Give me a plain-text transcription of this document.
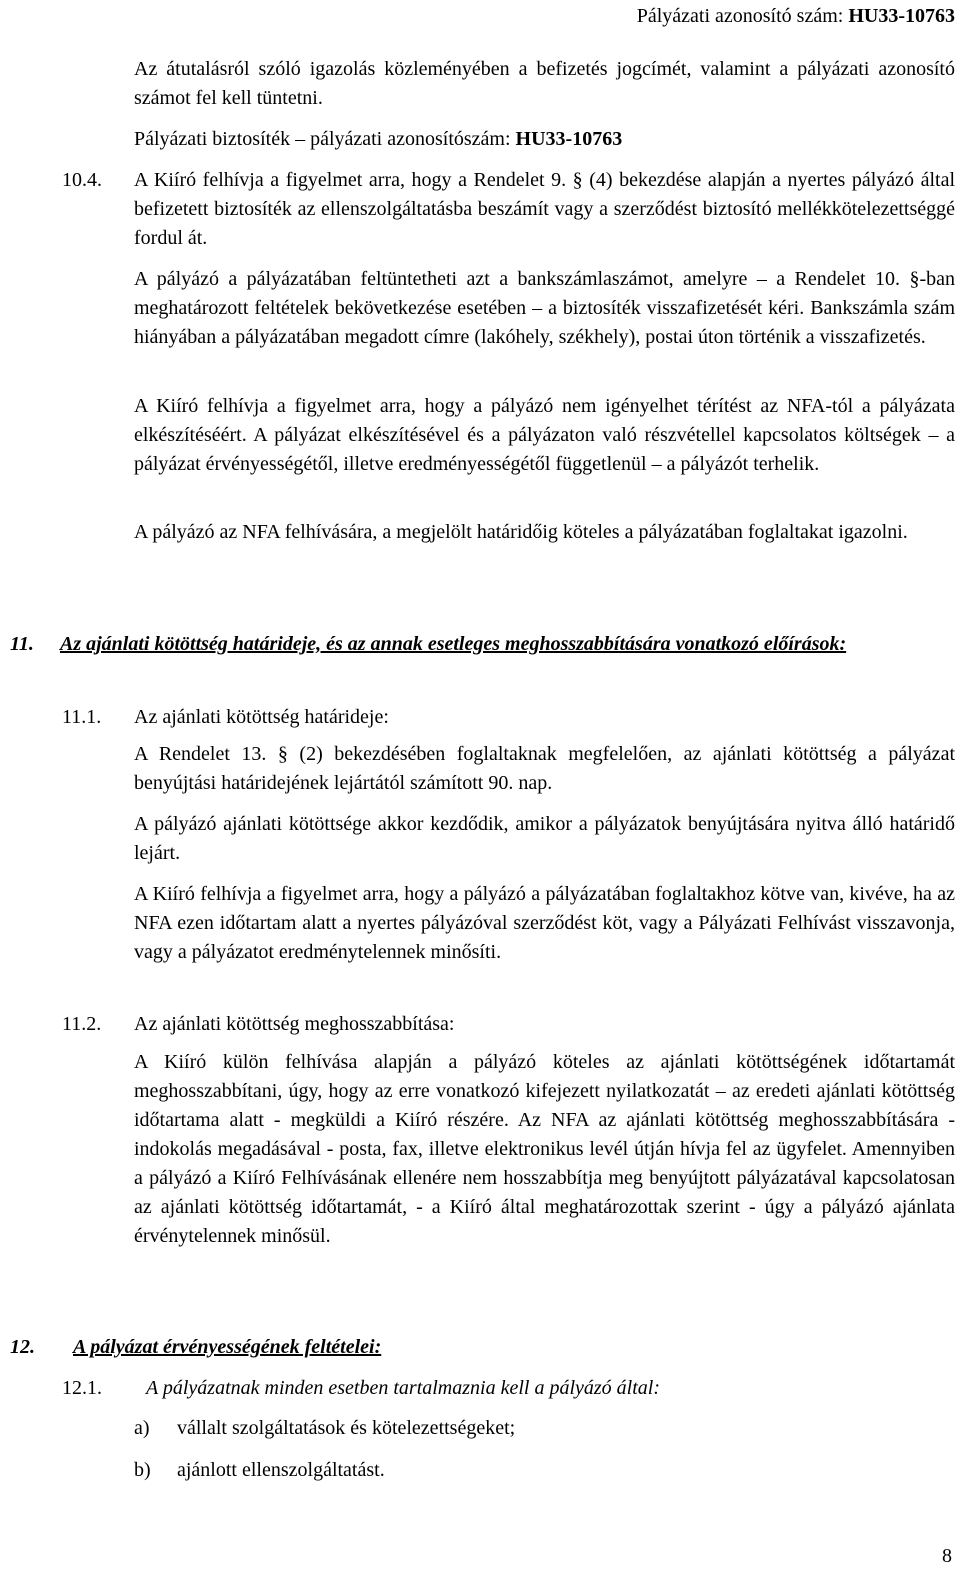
Pályázati azonosító szám: HU33-10763

Az átutalásról szóló igazolás közleményében a befizetés jogcímét, valamint a pályázati azonosító számot fel kell tüntetni.

Pályázati biztosíték – pályázati azonosítószám: HU33-10763

10.4. A Kiíró felhívja a figyelmet arra, hogy a Rendelet 9. § (4) bekezdése alapján a nyertes pályázó által befizetett biztosíték az ellenszolgáltatásba beszámít vagy a szerződést biztosító mellékkötelezettséggé fordul át.

A pályázó a pályázatában feltüntetheti azt a bankszámlaszámot, amelyre – a Rendelet 10. §-ban meghatározott feltételek bekövetkezése esetében – a biztosíték visszafizetését kéri. Bankszámla szám hiányában a pályázatában megadott címre (lakóhely, székhely), postai úton történik a visszafizetés.

A Kiíró felhívja a figyelmet arra, hogy a pályázó nem igényelhet térítést az NFA-tól a pályázata elkészítéséért. A pályázat elkészítésével és a pályázaton való részvétellel kapcsolatos költségek – a pályázat érvényességétől, illetve eredményességétől függetlenül – a pályázót terhelik.

A pályázó az NFA felhívására, a megjelölt határidőig köteles a pályázatában foglaltakat igazolni.

11. Az ajánlati kötöttség határideje, és az annak esetleges meghosszabbítására vonatkozó előírások:

11.1. Az ajánlati kötöttség határideje:

A Rendelet 13. § (2) bekezdésében foglaltaknak megfelelően, az ajánlati kötöttség a pályázat benyújtási határidejének lejártától számított 90. nap.

A pályázó ajánlati kötöttsége akkor kezdődik, amikor a pályázatok benyújtására nyitva álló határidő lejárt.

A Kiíró felhívja a figyelmet arra, hogy a pályázó a pályázatában foglaltakhoz kötve van, kivéve, ha az NFA ezen időtartam alatt a nyertes pályázóval szerződést köt, vagy a Pályázati Felhívást visszavonja, vagy a pályázatot eredménytelennek minősíti.

11.2. Az ajánlati kötöttség meghosszabbítása:

A Kiíró külön felhívása alapján a pályázó köteles az ajánlati kötöttségének időtartamát meghosszabbítani, úgy, hogy az erre vonatkozó kifejezett nyilatkozatát – az eredeti ajánlati kötöttség időtartama alatt - megküldi a Kiíró részére. Az NFA az ajánlati kötöttség meghosszabbítására - indokolás megadásával - posta, fax, illetve elektronikus levél útján hívja fel az ügyfelet. Amennyiben a pályázó a Kiíró Felhívásának ellenére nem hosszabbítja meg benyújtott pályázatával kapcsolatosan az ajánlati kötöttség időtartamát, - a Kiíró által meghatározottak szerint - úgy a pályázó ajánlata érvénytelennek minősül.

12. A pályázat érvényességének feltételei:

12.1. A pályázatnak minden esetben tartalmaznia kell a pályázó által:
a) vállalt szolgáltatások és kötelezettségeket;
b) ajánlott ellenszolgáltatást.
8
